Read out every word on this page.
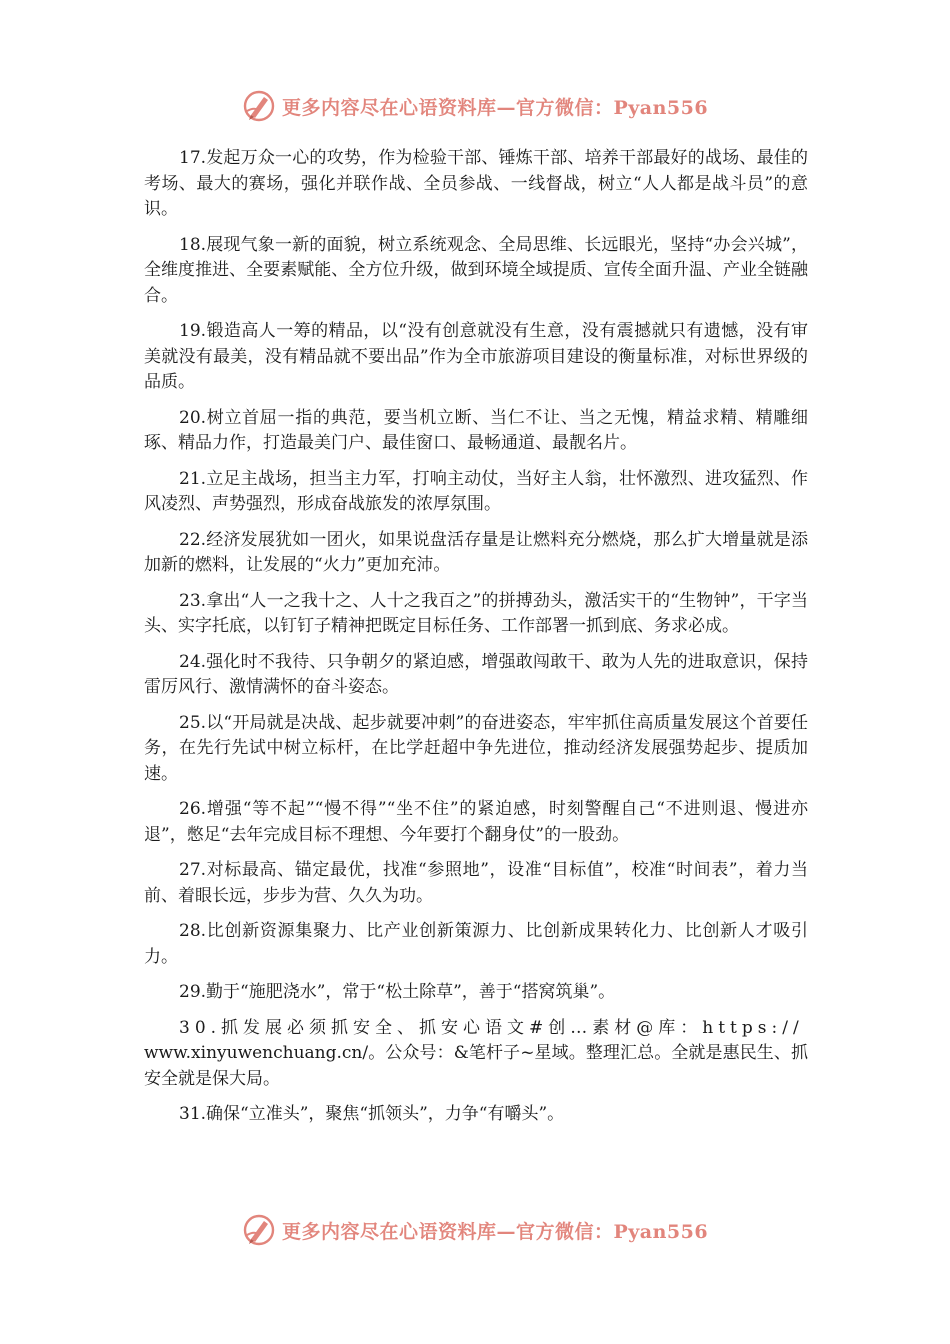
更多内容尽在心语资料库—官方微信：Pyan556

17.发起万众一心的攻势，作为检验干部、锤炼干部、培养干部最好的战场、最佳的考场、最大的赛场，强化并联作战、全员参战、一线督战，树立“人人都是战斗员”的意识。

18.展现气象一新的面貌，树立系统观念、全局思维、长远眼光，坚持“办会兴城”，全维度推进、全要素赋能、全方位升级，做到环境全域提质、宣传全面升温、产业全链融合。

19.锻造高人一筹的精品，以“没有创意就没有生意，没有震撼就只有遗憾，没有审美就没有最美，没有精品就不要出品”作为全市旅游项目建设的衡量标准，对标世界级的品质。

20.树立首屈一指的典范，要当机立断、当仁不让、当之无愧，精益求精、精雕细琢、精品力作，打造最美门户、最佳窗口、最畅通道、最靓名片。

21.立足主战场，担当主力军，打响主动仗，当好主人翁，壮怀激烈、进攻猛烈、作风凌烈、声势强烈，形成奋战旅发的浓厚氛围。

22.经济发展犹如一团火，如果说盘活存量是让燃料充分燃烧，那么扩大增量就是添加新的燃料，让发展的“火力”更加充沛。

23.拿出“人一之我十之、人十之我百之”的拼搏劲头，激活实干的“生物钟”，干字当头、实字托底，以钉钉子精神把既定目标任务、工作部署一抓到底、务求必成。

24.强化时不我待、只争朝夕的紧迫感，增强敢闯敢干、敢为人先的进取意识，保持雷厉风行、激情满怀的奋斗姿态。

25.以“开局就是决战、起步就要冲刺”的奋进姿态，牢牢抓住高质量发展这个首要任务，在先行先试中树立标杆，在比学赶超中争先进位，推动经济发展强势起步、提质加速。

26.增强“等不起”“慢不得”“坐不住”的紧迫感，时刻警醒自己“不进则退、慢进亦退”，憋足“去年完成目标不理想、今年要打个翻身仗”的一股劲。

27.对标最高、锚定最优，找准“参照地”，设准“目标值”，校准“时间表”，着力当前、着眼长远，步步为营、久久为功。

28.比创新资源集聚力、比产业创新策源力、比创新成果转化力、比创新人才吸引力。

29.勤于“施肥浇水”，常于“松土除草”，善于“搭窝筑巢”。

30.抓发展必须抓安全、抓安心语文#创…素材@库：https://
www.xinyuwenchuang.cn/。公众号：&笔杆子~星域。整理汇总。全就是惠民生、抓安全就是保大局。

31.确保“立准头”，聚焦“抓领头”，力争“有嚼头”。

更多内容尽在心语资料库—官方微信：Pyan556
